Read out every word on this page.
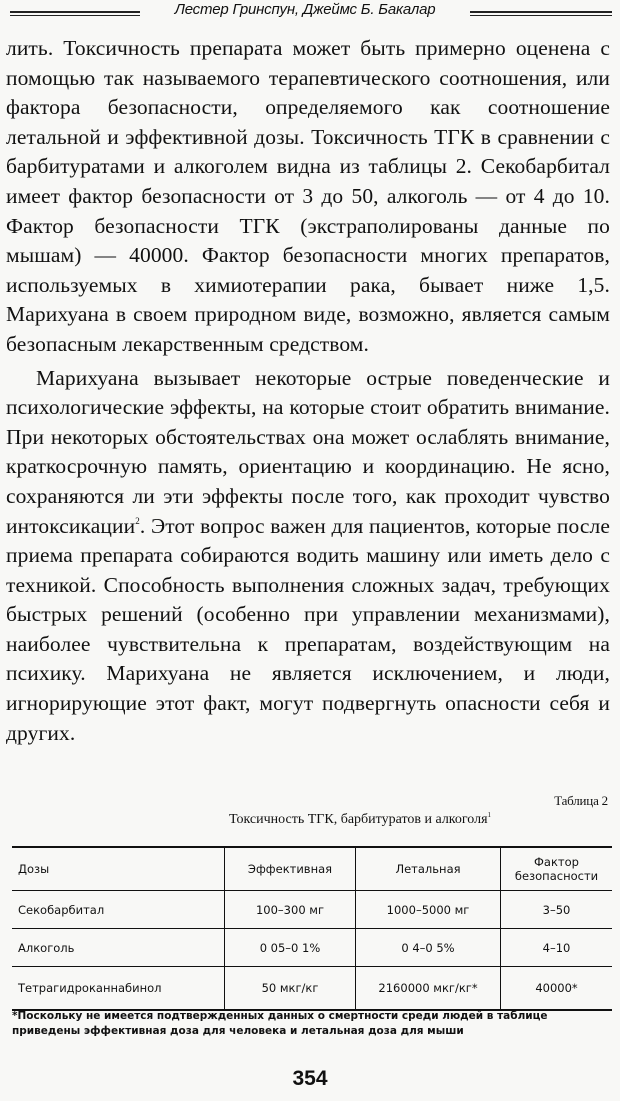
Лестер Гринспун, Джеймс Б. Бакалар

лить. Токсичность препарата может быть примерно оценена с помощью так называемого терапевтического соотношения, или фактора безопасности, определяемого как соотношение летальной и эффективной дозы. Токсичность ТГК в сравнении с барбитуратами и алкоголем видна из таблицы 2. Секобарбитал имеет фактор безопасности от 3 до 50, алкоголь — от 4 до 10. Фактор безопасности ТГК (экстраполированы данные по мышам) — 40000. Фактор безопасности многих препаратов, используемых в химиотерапии рака, бывает ниже 1,5. Марихуана в своем природном виде, возможно, является самым безопасным лекарственным средством.

Марихуана вызывает некоторые острые поведенческие и психологические эффекты, на которые стоит обратить внимание. При некоторых обстоятельствах она может ослаблять внимание, краткосрочную память, ориентацию и координацию. Не ясно, сохраняются ли эти эффекты после того, как проходит чувство интоксикации$^2$. Этот вопрос важен для пациентов, которые после приема препарата собираются водить машину или иметь дело с техникой. Способность выполнения сложных задач, требующих быстрых решений (особенно при управлении механизмами), наиболее чувствительна к препаратам, воздействующим на психику. Марихуана не является исключением, и люди, игнорирующие этот факт, могут подвергнуть опасности себя и других.

Таблица 2
Токсичность ТГК, барбитуратов и алкоголя$^1$
Дозы	Эффективная	Летальная	Фактор безопасности
Секобарбитал	100–300 мг	1000–5000 мг	3–50
Алкоголь	0 05–0 1%	0 4–0 5%	4–10
Тетрагидроканнабинол	50 мкг/кг	2160000 мкг/кг*	40000*
*Поскольку не имеется подтвержденных данных о смертности среди людей в таблице приведены эффективная доза для человека и летальная доза для мыши
354
